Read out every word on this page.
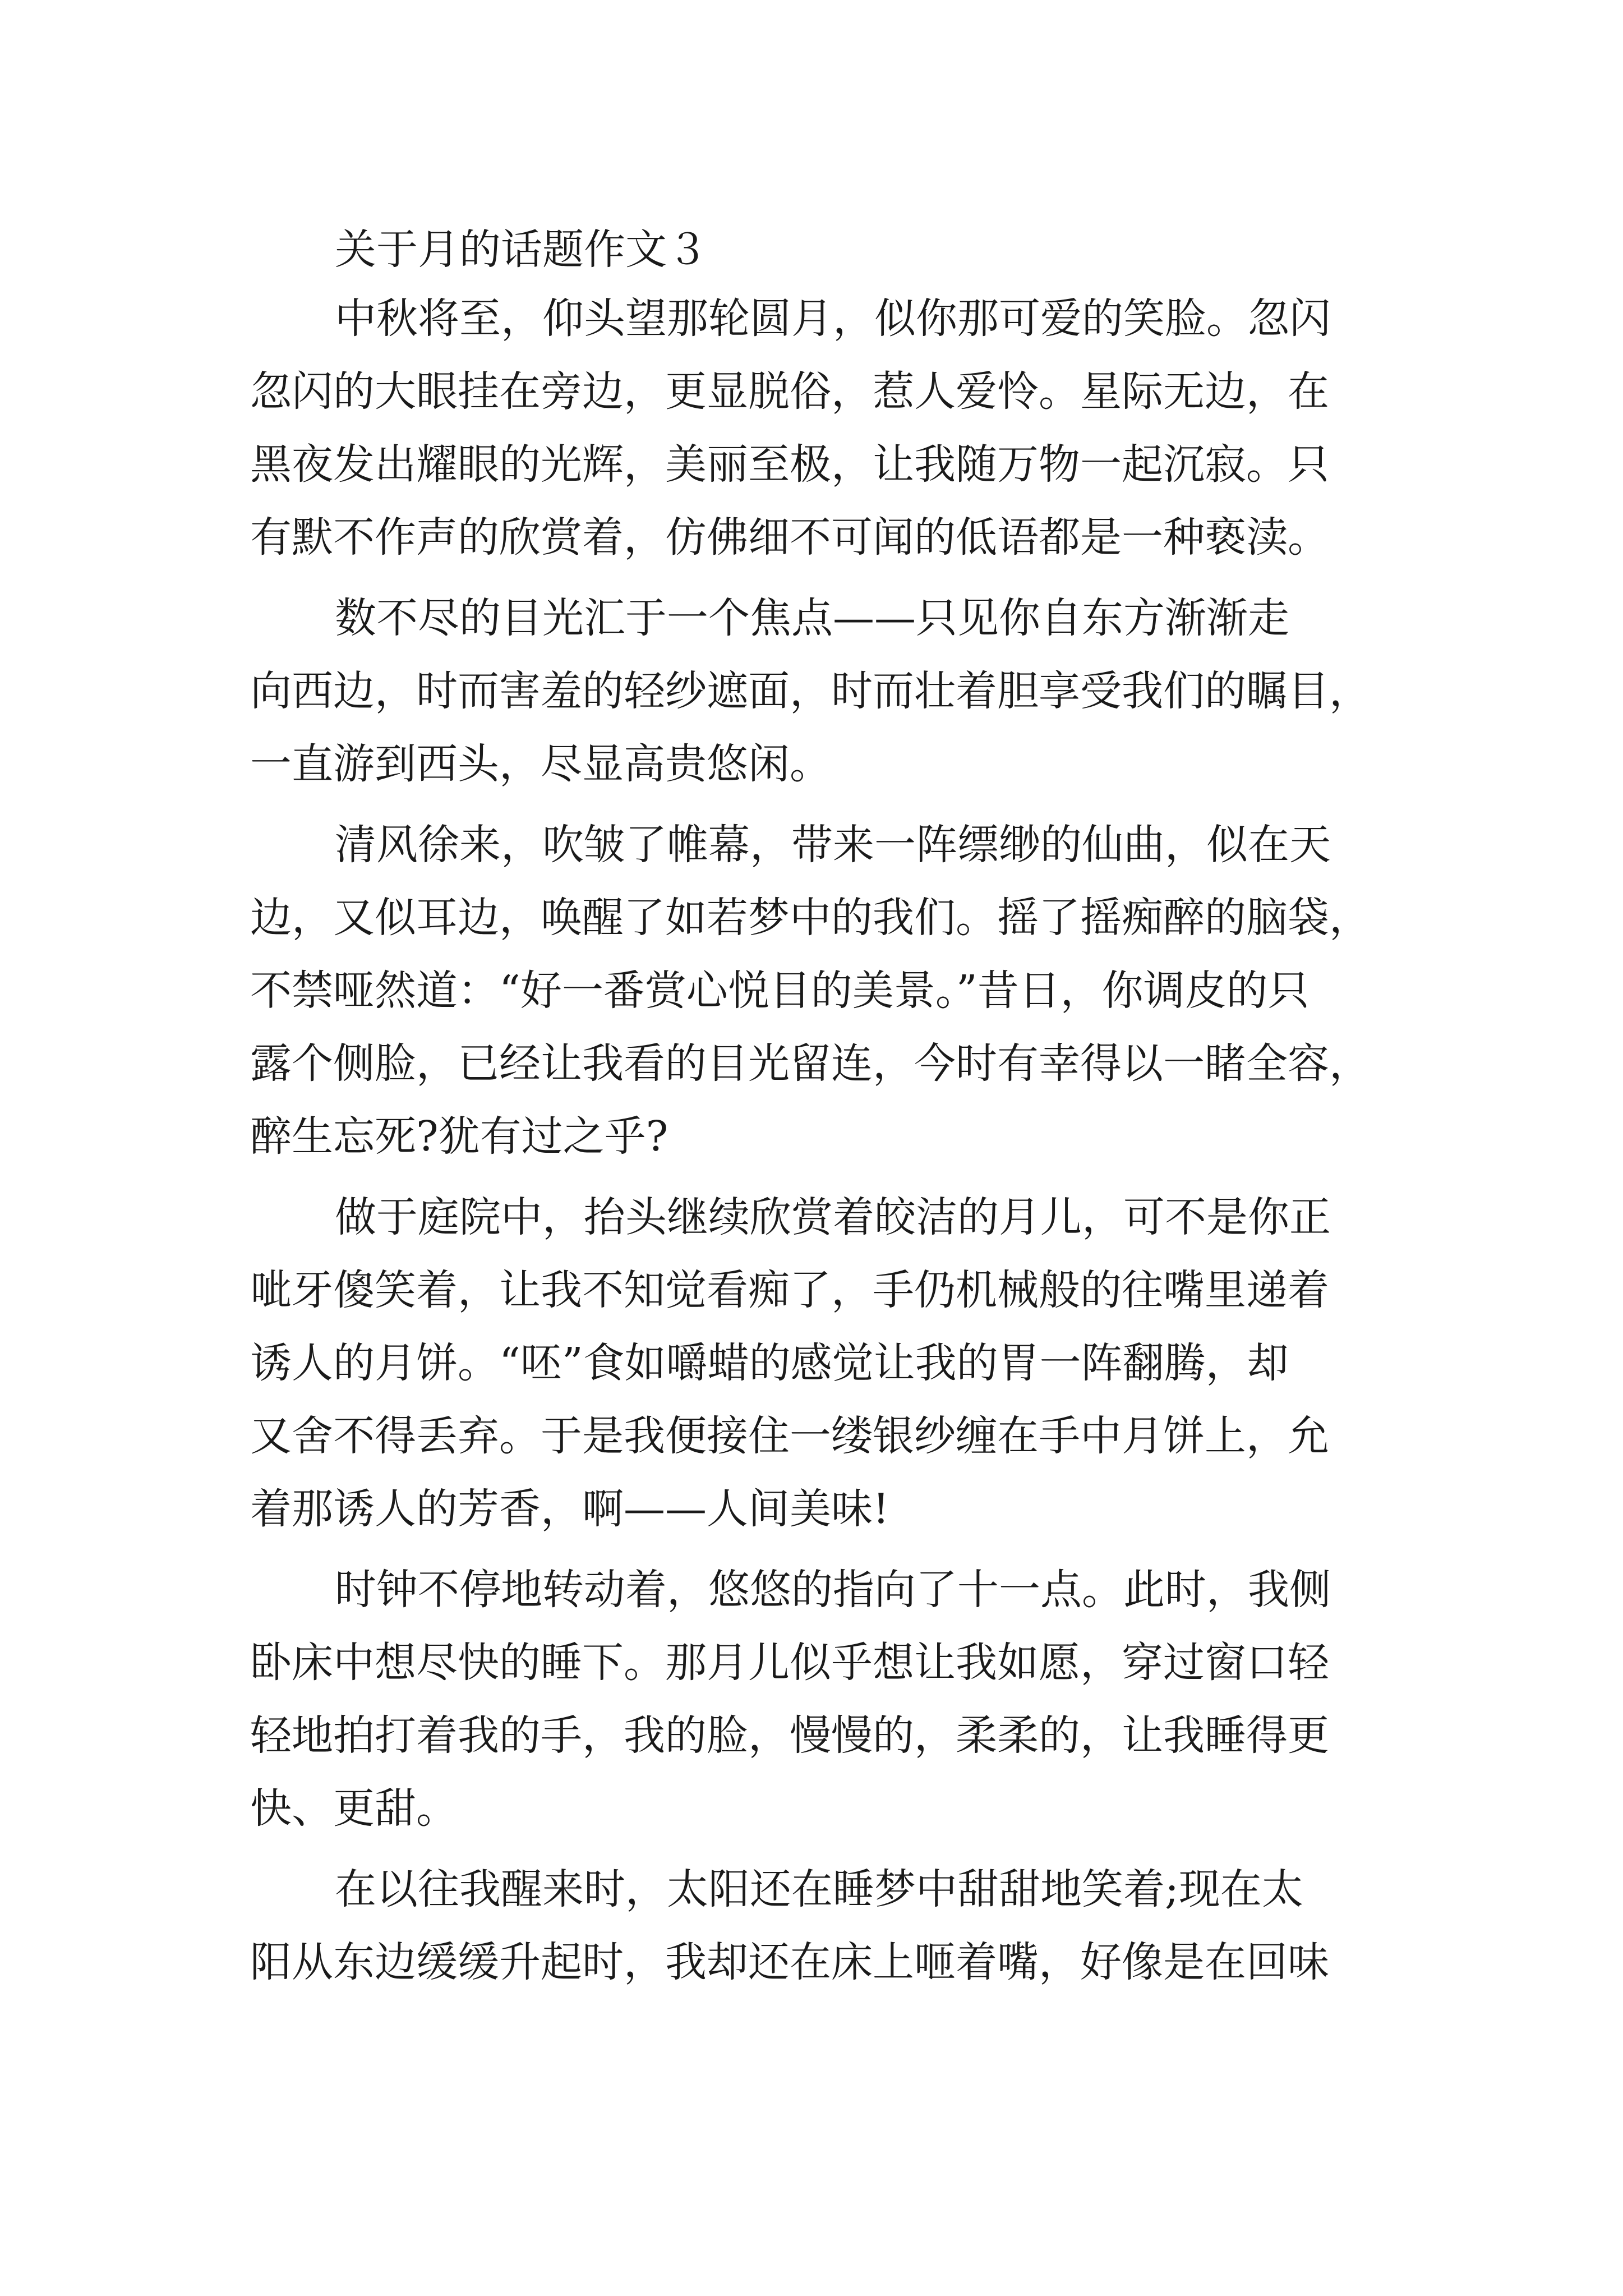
关于月的话题作文３

中秋将至，仰头望那轮圆月，似你那可爱的笑脸。忽闪

忽闪的大眼挂在旁边，更显脱俗，惹人爱怜。星际无边，在

黑夜发出耀眼的光辉，美丽至极，让我随万物一起沉寂。只

有默不作声的欣赏着，仿佛细不可闻的低语都是一种亵渎。

数不尽的目光汇于一个焦点——只见你自东方渐渐走

向西边，时而害羞的轻纱遮面，时而壮着胆享受我们的瞩目，

一直游到西头，尽显高贵悠闲。

清风徐来，吹皱了帷幕，带来一阵缥缈的仙曲，似在天

边，又似耳边，唤醒了如若梦中的我们。摇了摇痴醉的脑袋，

不禁哑然道：“好一番赏心悦目的美景。”昔日，你调皮的只

露个侧脸，已经让我看的目光留连，今时有幸得以一睹全容，

醉生忘死?犹有过之乎?

做于庭院中，抬头继续欣赏着皎洁的月儿，可不是你正

呲牙傻笑着，让我不知觉看痴了，手仍机械般的往嘴里递着

诱人的月饼。“呸”食如嚼蜡的感觉让我的胃一阵翻腾，却

又舍不得丢弃。于是我便接住一缕银纱缠在手中月饼上，允

着那诱人的芳香，啊——人间美味!

时钟不停地转动着，悠悠的指向了十一点。此时，我侧

卧床中想尽快的睡下。那月儿似乎想让我如愿，穿过窗口轻

轻地拍打着我的手，我的脸，慢慢的，柔柔的，让我睡得更

快、更甜。

在以往我醒来时，太阳还在睡梦中甜甜地笑着;现在太

阳从东边缓缓升起时，我却还在床上咂着嘴，好像是在回味
